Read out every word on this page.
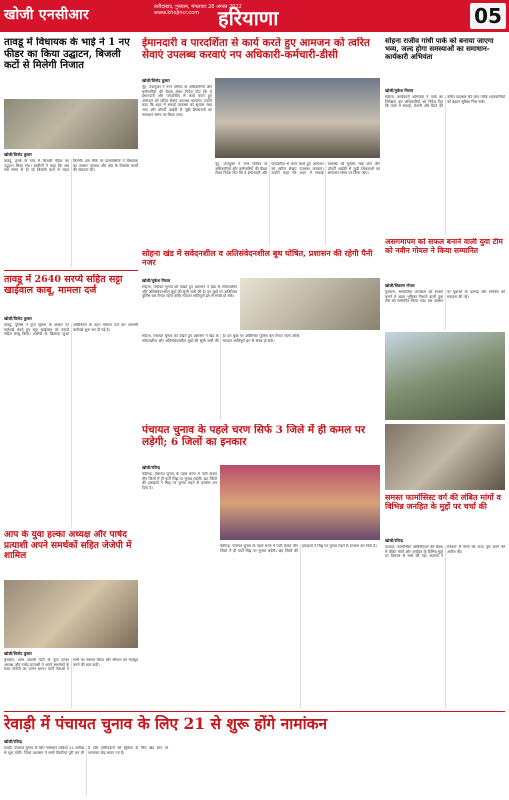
खोजी एनसीआर	फ़रीदाबाद, गुरुग्राम, मंगलवार 28 अगस्त 2022
www.khojincr.com हरियाणा	05
तावडू में विधायक के भाई ने 1 नए फीडर का किया उद्घाटन, बिजली कटों से मिलेगी निजात
खोजी/विनोद कुमार
तावडू, हल्के के गांव में बिजली फीडर का उद्घाटन किया गया। ग्रामीणों ने कहा कि अब लंबे समय से हो रहे बिजली कटों से राहत मिलेगी। इस मौके पर ग्रामवासियों ने विधायक का आभार जताया और क्षेत्र के विकास कार्यों की सराहना की।
ईमानदारी व पारदर्शिता से कार्य करते हुए आमजन को त्वरित सेवाएं उपलब्ध करवाएं नप अधिकारी-कर्मचारी-डीसी
खोजी/विनोद कुमार
नूंह, उपायुक्त ने नगर परिषद के अधिकारियों और कर्मचारियों की बैठक लेकर निर्देश दिए कि वे ईमानदारी और पारदर्शिता से कार्य करते हुए आमजन को त्वरित सेवाएं उपलब्ध करवाएं। उन्होंने कहा कि शहर में सफाई व्यवस्था को सुचारू रखा जाए और प्रॉपर्टी आईडी से जुड़ी शिकायतों का समाधान समय पर किया जाए।
नूंह, उपायुक्त ने नगर परिषद के अधिकारियों और कर्मचारियों की बैठक लेकर निर्देश दिए कि वे ईमानदारी और पारदर्शिता से कार्य करते हुए आमजन को त्वरित सेवाएं उपलब्ध करवाएं। उन्होंने कहा कि शहर में सफाई व्यवस्था को सुचारू रखा जाए और प्रॉपर्टी आईडी से जुड़ी शिकायतों का समाधान समय पर किया जाए।
सोहना राजीव गांधी पार्क को बनाया जाएगा भव्य, जल्द होगा समस्याओं का समाधान-कार्यकारी अभियंता
खोजी/मुकेश मित्तल
सोहना, कार्यकारी अभियंता ने पार्क का निरीक्षण कर अधिकारियों को निर्देश दिए कि पार्क में सफाई, रोशनी और बैठने की उचित व्यवस्था की जाए ताकि शहरवासियों को बेहतर सुविधा मिल सके।
तावडू में 2640 सरप्ये सहित सट्टा खाईवाल काबू, मामला दर्ज
खोजी/विनोद कुमार
तावडू, पुलिस ने गुप्त सूचना के आधार पर कार्रवाई करते हुए सट्टा खाईवाल को नकदी सहित काबू किया। आरोपी के खिलाफ जुआ अधिनियम के तहत मामला दर्ज कर आगामी कार्रवाई शुरू कर दी गई है।
सोहना खंड में सवेदनशील व अतिसंवेदनशील बूथ घोषित, प्रशासन की रहेगी पैनी नजर
खोजी/मुकेश मित्तल
सोहना, पंचायत चुनाव को देखते हुए प्रशासन ने खंड के संवेदनशील और अतिसंवेदनशील बूथों की सूची जारी की है। इन बूथों पर अतिरिक्त पुलिस बल तैनात रहेगा ताकि मतदान शांतिपूर्ण ढंग से संपन्न हो सके।
सोहना, पंचायत चुनाव को देखते हुए प्रशासन ने खंड के संवेदनशील और अतिसंवेदनशील बूथों की सूची जारी की है। इन बूथों पर अतिरिक्त पुलिस बल तैनात रहेगा ताकि मतदान शांतिपूर्ण ढंग से संपन्न हो सके।
असगमापम को सफल बनाने वाली युवा टीम को नवीन गोयल ने किया सम्मानित
खोजी/विकास गोयल
गुरुग्राम, सामाजिक कार्यक्रम को सफल बनाने में अहम भूमिका निभाने वाली युवा टीम को सम्मानित किया गया। इस अवसर पर युवाओं के उत्साह और समर्पण की सराहना की गई।
आप के युवा हल्का अध्यक्ष और पार्षद प्रत्याशी अपने समर्थकों सहित जेजेपी में शामिल
खोजी/विनोद कुमार
गुरुग्राम, आम आदमी पार्टी के युवा हल्का अध्यक्ष और पार्षद प्रत्याशी ने अपने समर्थकों के साथ जेजेपी का दामन थामा। पार्टी नेताओं ने सभी का स्वागत किया और संगठन को मजबूत करने की बात कही।
पंचायत चुनाव के पहले चरण सिर्फ 3 जिले में ही कमल पर लड़ेगी; 6 जिलों का इनकार
खोजी/रविन्द्र
चंडीगढ़, पंचायत चुनाव के पहले चरण में पार्टी केवल तीन जिलों में ही पार्टी चिह्न पर चुनाव लड़ेगी। छह जिलों की इकाइयों ने चिह्न पर चुनाव लड़ने से इनकार कर दिया है।
चंडीगढ़, पंचायत चुनाव के पहले चरण में पार्टी केवल तीन जिलों में ही पार्टी चिह्न पर चुनाव लड़ेगी। छह जिलों की इकाइयों ने चिह्न पर चुनाव लड़ने से इनकार कर दिया है।
समस्त फार्मासिस्ट वर्ग की लंबित मांगों व विभिन्न जनहित के मुद्दों पर चर्चा की
खोजी/रविन्द्र
पलवल, फार्मासिस्ट एसोसिएशन की बैठक में लंबित मांगों और जनहित के विभिन्न मुद्दों पर विस्तार से चर्चा की गई। सदस्यों ने सरकार से मांगों को जल्द पूरा करने की अपील की।
रेवाड़ी में पंचायत चुनाव के लिए 21 से शुरू होंगे नामांकन
खोजी/रविन्द्र
रेवाड़ी, पंचायत चुनाव के लिए नामांकन प्रक्रिया 21 तारीख से शुरू होगी। जिला प्रशासन ने सभी तैयारियां पूरी कर ली हैं और उम्मीदवारों की सुविधा के लिए खंड स्तर पर नामांकन केंद्र बनाए गए हैं।
